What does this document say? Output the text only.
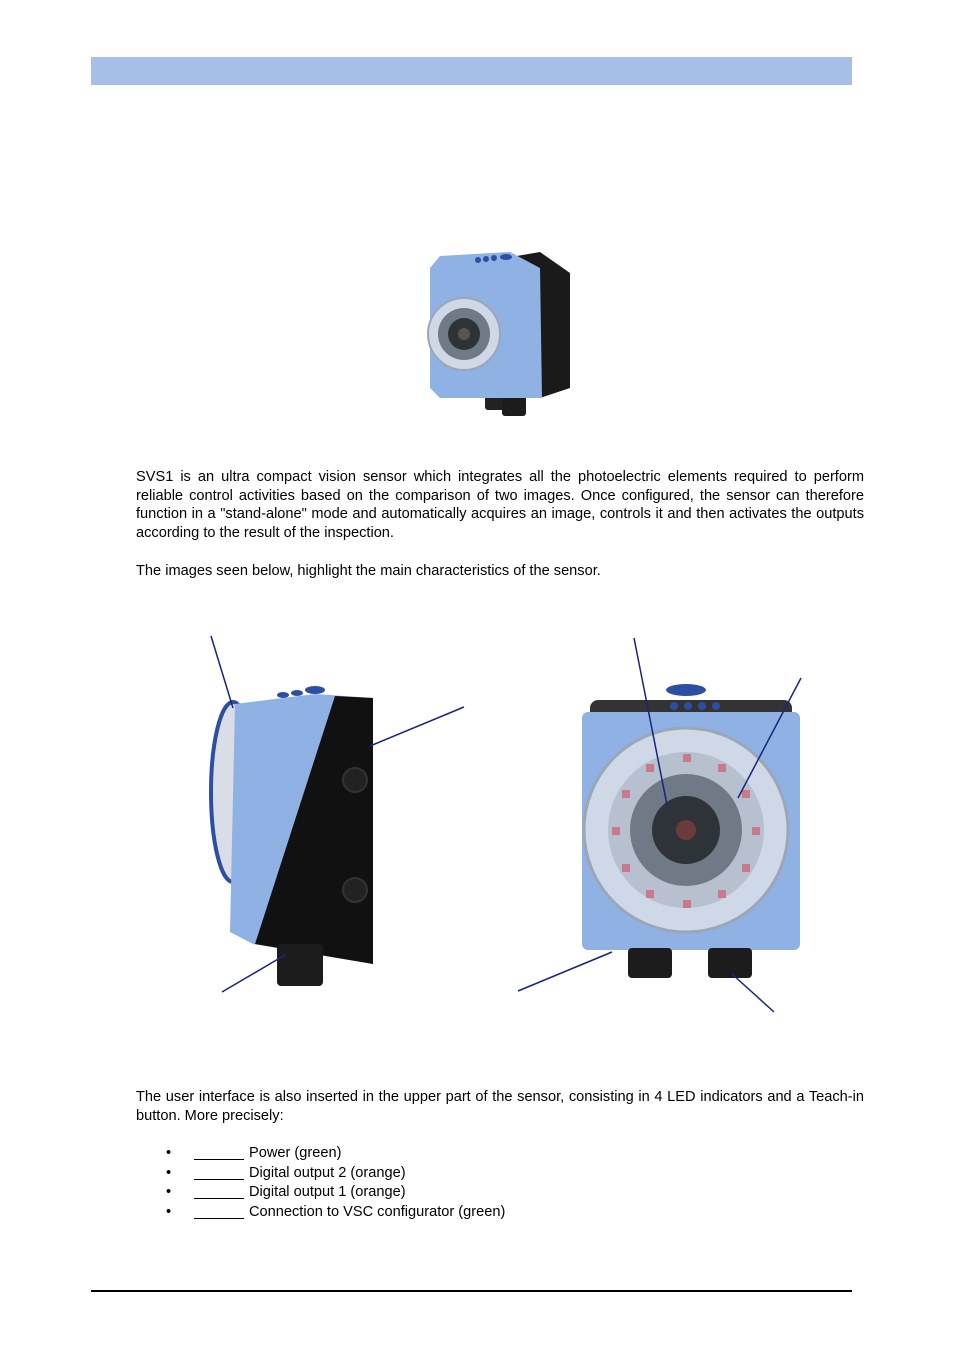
SVS1 is an ultra compact vision sensor which integrates all the photoelectric elements required to perform reliable control activities based on the comparison of two images. Once configured, the sensor can therefore function in a "stand-alone" mode and automatically acquires an image, controls it and then activates the outputs according to the result of the inspection.

The images seen below, highlight the main characteristics of the sensor.

The user interface is also inserted in the upper part of the sensor, consisting in 4 LED indicators and a Teach-in button. More precisely:

•	Power (green)
•	Digital output 2 (orange)
•	Digital output 1 (orange)
•	Connection to VSC configurator (green)
